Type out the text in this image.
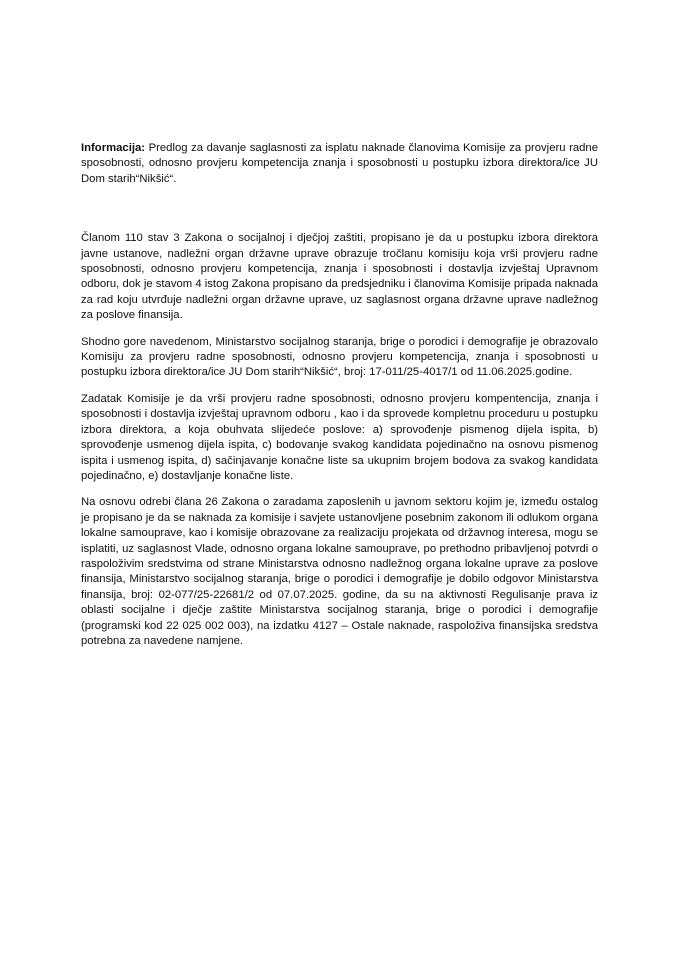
Informacija: Predlog za davanje saglasnosti za isplatu naknade članovima Komisije za provjeru radne sposobnosti, odnosno provjeru kompetencija znanja i sposobnosti u postupku izbora direktora/ice JU Dom starih“Nikšić“.

Članom 110 stav 3 Zakona o socijalnoj i dječjoj zaštiti, propisano je da u postupku izbora direktora javne ustanove, nadležni organ državne uprave obrazuje tročlanu komisiju koja vrši provjeru radne sposobnosti, odnosno provjeru kompetencija, znanja i sposobnosti i dostavlja izvještaj Upravnom odboru, dok je stavom 4 istog Zakona propisano da predsjedniku i članovima Komisije pripada naknada za rad koju utvrđuje nadležni organ državne uprave, uz saglasnost organa državne uprave nadležnog za poslove finansija.

Shodno gore navedenom, Ministarstvo socijalnog staranja, brige o porodici i demografije je obrazovalo Komisiju za provjeru radne sposobnosti, odnosno provjeru kompetencija, znanja i sposobnosti u postupku izbora direktora/ice JU Dom starih“Nikšić“, broj: 17-011/25-4017/1 od 11.06.2025.godine.

Zadatak Komisije je da vrši provjeru radne sposobnosti, odnosno provjeru kompentencija, znanja i sposobnosti i dostavlja izvještaj upravnom odboru , kao i da sprovede kompletnu proceduru u postupku izbora direktora, a koja obuhvata slijedeće poslove: a) sprovođenje pismenog dijela ispita, b) sprovođenje usmenog dijela ispita, c) bodovanje svakog kandidata pojedinačno na osnovu pismenog ispita i usmenog ispita, d) sačinjavanje konačne liste sa ukupnim brojem bodova za svakog kandidata pojedinačno, e) dostavljanje konačne liste.

Na osnovu odrebi člana 26 Zakona o zaradama zaposlenih u javnom sektoru kojim je, između ostalog je propisano je da se naknada za komisije i savjete ustanovljene posebnim zakonom ili odlukom organa lokalne samouprave, kao i komisije obrazovane za realizaciju projekata od državnog interesa, mogu se isplatiti, uz saglasnost Vlade, odnosno organa lokalne samouprave, po prethodno pribavljenoj potvrdi o raspoloživim sredstvima od strane Ministarstva odnosno nadležnog organa lokalne uprave za poslove finansija, Ministarstvo socijalnog staranja, brige o porodici i demografije je dobilo odgovor Ministarstva finansija, broj: 02-077/25-22681/2 od 07.07.2025. godine, da su na aktivnosti Regulisanje prava iz oblasti socijalne i dječje zaštite Ministarstva socijalnog staranja, brige o porodici i demografije (programski kod 22 025 002 003), na izdatku 4127 – Ostale naknade, raspoloživa finansijska sredstva potrebna za navedene namjene.
